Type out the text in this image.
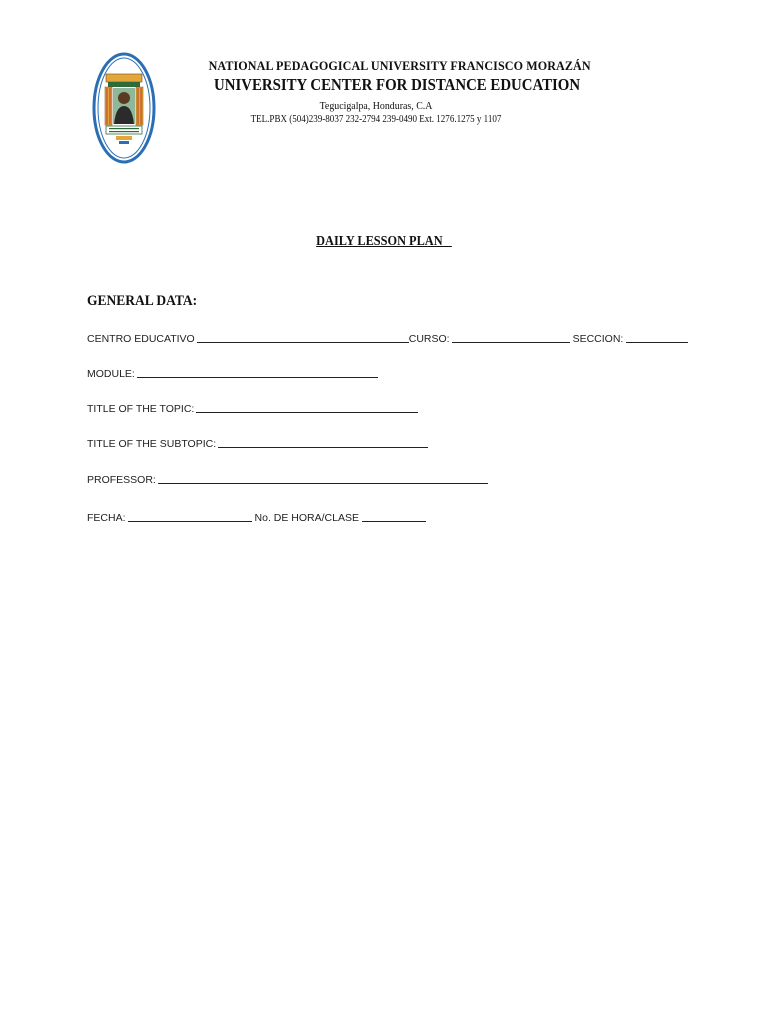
NATIONAL PEDAGOGICAL UNIVERSITY FRANCISCO MORAZÁN
UNIVERSITY CENTER FOR DISTANCE EDUCATION
Tegucigalpa, Honduras, C.A
TEL.PBX (504)239-8037 232-2794 239-0490 Ext. 1276.1275 y 1107
DAILY LESSON PLAN
GENERAL DATA:
CENTRO EDUCATIVO	CURSO:	SECCION:
MODULE:
TITLE OF THE TOPIC:
TITLE OF THE SUBTOPIC:
PROFESSOR:
FECHA:	No. DE HORA/CLASE
